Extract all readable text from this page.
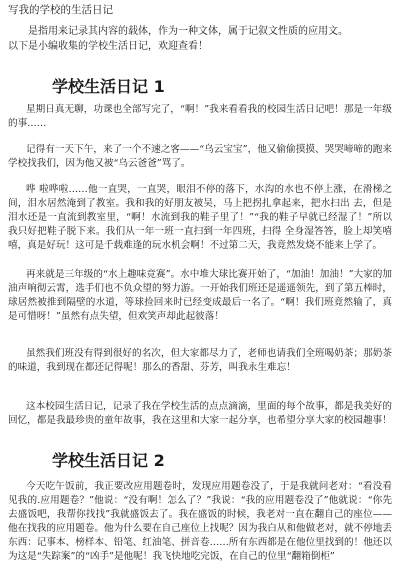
写我的学校的生活日记

是指用来记录其内容的载体，作为一种文体，属于记叙文性质的应用文。

以下是小编收集的学校生活日记，欢迎查看！

学校生活日记 1

星期日真无聊，功课也全部写完了，“啊！”我来看看我的校园生活日记吧！那是一年级的事……

记得有一天下午，来了一个不速之客——“乌云宝宝”，他又偷偷摸摸、哭哭啼啼的跑来学校找我们，因为他又被“乌云爸爸”骂了。

哗 啦哗啦……他一直哭，一直哭，眼泪不停的落下，水沟的水也不停上涨，在滑梯之间，泪水居然淹到了教室。我和我的好朋友被吴，马上把拐扎拿起来，把水扫出 去，但是泪水还是一直流到教室里，“啊！水流到我的鞋子里了！”“我的鞋子早就已经湿了！”所以我只好把鞋子脱下来。我们从一年一班一直扫到一年四班，扫得 全身湿答答，脸上却笑嘻嘻，真是好玩！这可是千载难逢的玩水机会啊！不过第二天，我竟然发烧不能来上学了。

再来就是三年级的“水上趣味竞赛”。水中堆大球比赛开始了，“加油！加油！”大家的加油声响彻云霄，选手们也不负众望的努力游。一开始我们班还是遥遥领先，到了第五棒时，球居然被推到隔壁的水道，等球捡回来时已经变成最后一名了。“啊！我们班竟然输了，真是可惜呀！”虽然有点失望，但欢笑声却此起彼落！

虽然我们班没有得到很好的名次，但大家都尽力了，老师也请我们全班喝奶茶；那奶茶的味道，我到现在都还记得呢！那么的香甜、芬芳，叫我永生难忘！

这本校园生活日记，记录了我在学校生活的点点滴滴，里面的每个故事，都是我美好的回忆，都是我最珍贵的童年故事，我在这里和大家一起分享，也希望分享大家的校园趣事！

学校生活日记 2

今天吃午饭前，我正要改应用题卷时，发现应用题卷没了，于是我就问老对：“看没看见我的.应用题卷？”他说：“没有啊！怎么了？”我说：“我的应用题卷没了”他就说：“你先去盛饭吧，我帮你找找”我就盛饭去了。我在盛饭的时候，我老对一直在翻自己的座位——他在找我的应用题卷。他为什么要在自己座位上找呢？因为我白从和他做老对，就不停地丢东西：记事本、榜样本、铅笔、红油笔、拼音卷……所有东西都是在他位里找到的！他还以为这是“失踪案”的“凶手”是他呢！我飞快地吃完饭，在自己的位里“翻箱倒柜”
